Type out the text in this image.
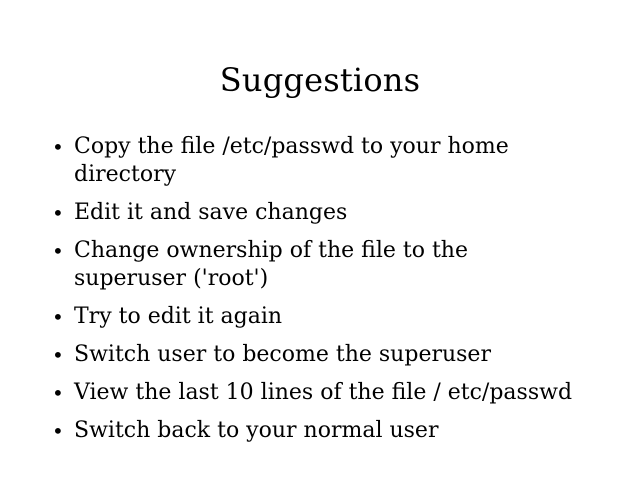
Suggestions
• Copy the file /etc/passwd to your home directory
• Edit it and save changes
• Change ownership of the file to the superuser ('root')
• Try to edit it again
• Switch user to become the superuser
• View the last 10 lines of the file / etc/passwd
• Switch back to your normal user
